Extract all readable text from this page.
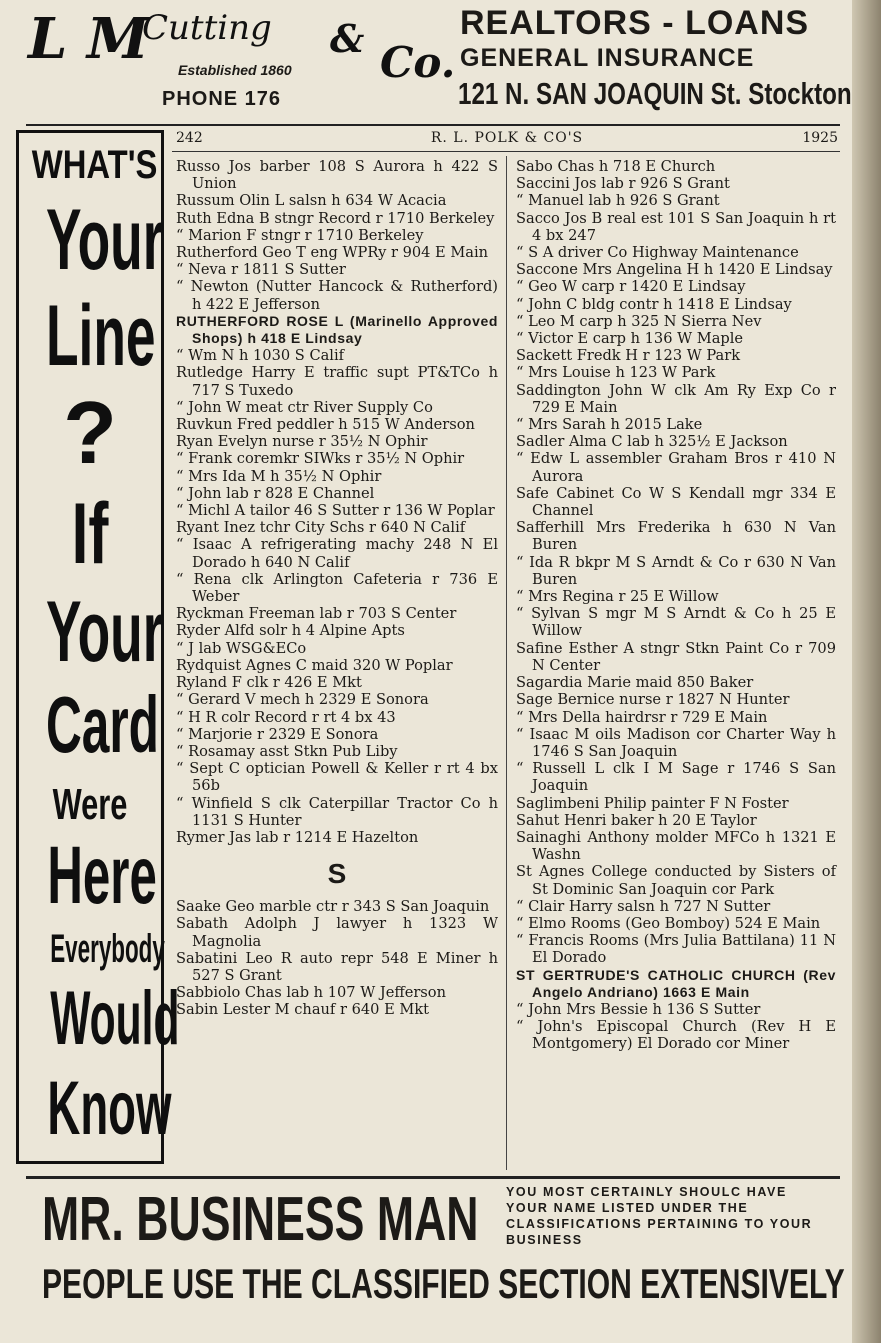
L M
Cutting & Co.
Established 1860
PHONE 176
REALTORS - LOANS
GENERAL INSURANCE
121 N. SAN JOAQUIN St. Stockton
WHAT'S
Your
Line
?
If
Your
Card
Were
Here
Everybody
Would
Know
242	R. L. POLK & CO'S	1925

Russo Jos barber 108 S Aurora h 422 S Union

Russum Olin L salsn h 634 W Acacia

Ruth Edna B stngr Record r 1710 Berkeley

“ Marion F stngr r 1710 Berkeley

Rutherford Geo T eng WPRy r 904 E Main

“ Neva r 1811 S Sutter

“ Newton (Nutter Hancock & Rutherford) h 422 E Jefferson

RUTHERFORD ROSE L (Marinello Approved Shops) h 418 E Lindsay

“ Wm N h 1030 S Calif

Rutledge Harry E traffic supt PT&TCo h 717 S Tuxedo

“ John W meat ctr River Supply Co

Ruvkun Fred peddler h 515 W Anderson

Ryan Evelyn nurse r 35½ N Ophir

“ Frank coremkr SIWks r 35½ N Ophir

“ Mrs Ida M h 35½ N Ophir

“ John lab r 828 E Channel

“ Michl A tailor 46 S Sutter r 136 W Poplar

Ryant Inez tchr City Schs r 640 N Calif

“ Isaac A refrigerating machy 248 N El Dorado h 640 N Calif

“ Rena clk Arlington Cafeteria r 736 E Weber

Ryckman Freeman lab r 703 S Center

Ryder Alfd solr h 4 Alpine Apts

“ J lab WSG&ECo

Rydquist Agnes C maid 320 W Poplar

Ryland F clk r 426 E Mkt

“ Gerard V mech h 2329 E Sonora

“ H R colr Record r rt 4 bx 43

“ Marjorie r 2329 E Sonora

“ Rosamay asst Stkn Pub Liby

“ Sept C optician Powell & Keller r rt 4 bx 56b

“ Winfield S clk Caterpillar Tractor Co h 1131 S Hunter

Rymer Jas lab r 1214 E Hazelton

S

Saake Geo marble ctr r 343 S San Joaquin

Sabath Adolph J lawyer h 1323 W Magnolia

Sabatini Leo R auto repr 548 E Miner h 527 S Grant

Sabbiolo Chas lab h 107 W Jefferson

Sabin Lester M chauf r 640 E Mkt

Sabo Chas h 718 E Church

Saccini Jos lab r 926 S Grant

“ Manuel lab h 926 S Grant

Sacco Jos B real est 101 S San Joaquin h rt 4 bx 247

“ S A driver Co Highway Maintenance

Saccone Mrs Angelina H h 1420 E Lindsay

“ Geo W carp r 1420 E Lindsay

“ John C bldg contr h 1418 E Lindsay

“ Leo M carp h 325 N Sierra Nev

“ Victor E carp h 136 W Maple

Sackett Fredk H r 123 W Park

“ Mrs Louise h 123 W Park

Saddington John W clk Am Ry Exp Co r 729 E Main

“ Mrs Sarah h 2015 Lake

Sadler Alma C lab h 325½ E Jackson

“ Edw L assembler Graham Bros r 410 N Aurora

Safe Cabinet Co W S Kendall mgr 334 E Channel

Safferhill Mrs Frederika h 630 N Van Buren

“ Ida R bkpr M S Arndt & Co r 630 N Van Buren

“ Mrs Regina r 25 E Willow

“ Sylvan S mgr M S Arndt & Co h 25 E Willow

Safine Esther A stngr Stkn Paint Co r 709 N Center

Sagardia Marie maid 850 Baker

Sage Bernice nurse r 1827 N Hunter

“ Mrs Della hairdrsr r 729 E Main

“ Isaac M oils Madison cor Charter Way h 1746 S San Joaquin

“ Russell L clk I M Sage r 1746 S San Joaquin

Saglimbeni Philip painter F N Foster

Sahut Henri baker h 20 E Taylor

Sainaghi Anthony molder MFCo h 1321 E Washn

St Agnes College conducted by Sisters of St Dominic San Joaquin cor Park

“ Clair Harry salsn h 727 N Sutter

“ Elmo Rooms (Geo Bomboy) 524 E Main

“ Francis Rooms (Mrs Julia Battilana) 11 N El Dorado

ST GERTRUDE'S CATHOLIC CHURCH (Rev Angelo Andriano) 1663 E Main

“ John Mrs Bessie h 136 S Sutter

“ John's Episcopal Church (Rev H E Montgomery) El Dorado cor Miner

MR. BUSINESS MAN YOU MOST CERTAINLY SHOULC HAVE YOUR NAME LISTED UNDER THE CLASSIFICATIONS PERTAINING TO YOUR BUSINESS
PEOPLE USE THE CLASSIFIED SECTION EXTENSIVELY
